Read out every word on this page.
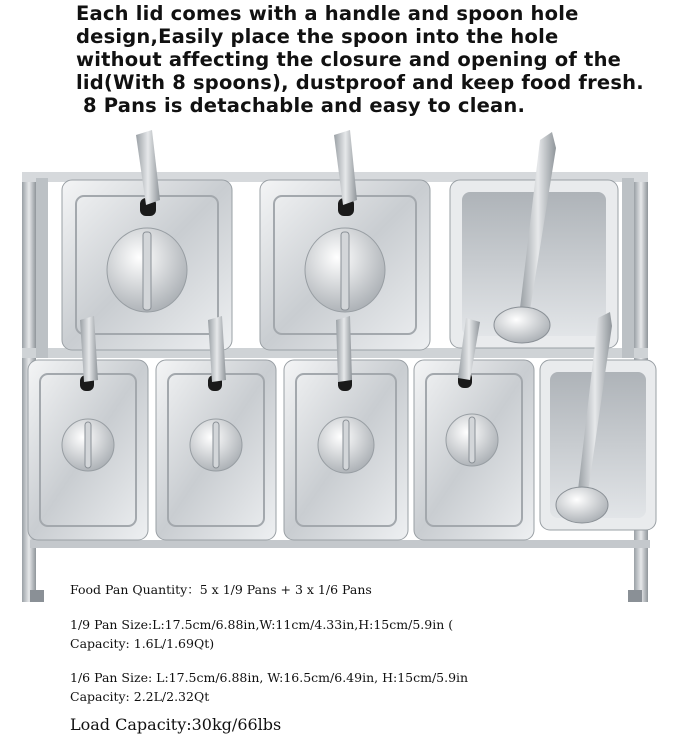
Each lid comes with a handle and spoon hole
design,Easily place the spoon into the hole
without affecting the closure and opening of the
lid(With 8 spoons), dustproof and keep food fresh.
8 Pans is detachable and easy to clean.
Food Pan Quantity：5 x 1/9 Pans + 3 x 1/6 Pans
1/9 Pan Size:L:17.5cm/6.88in,W:11cm/4.33in,H:15cm/5.9in (
Capacity: 1.6L/1.69Qt)
1/6 Pan Size: L:17.5cm/6.88in, W:16.5cm/6.49in, H:15cm/5.9in
Capacity: 2.2L/2.32Qt
Load Capacity:30kg/66lbs
